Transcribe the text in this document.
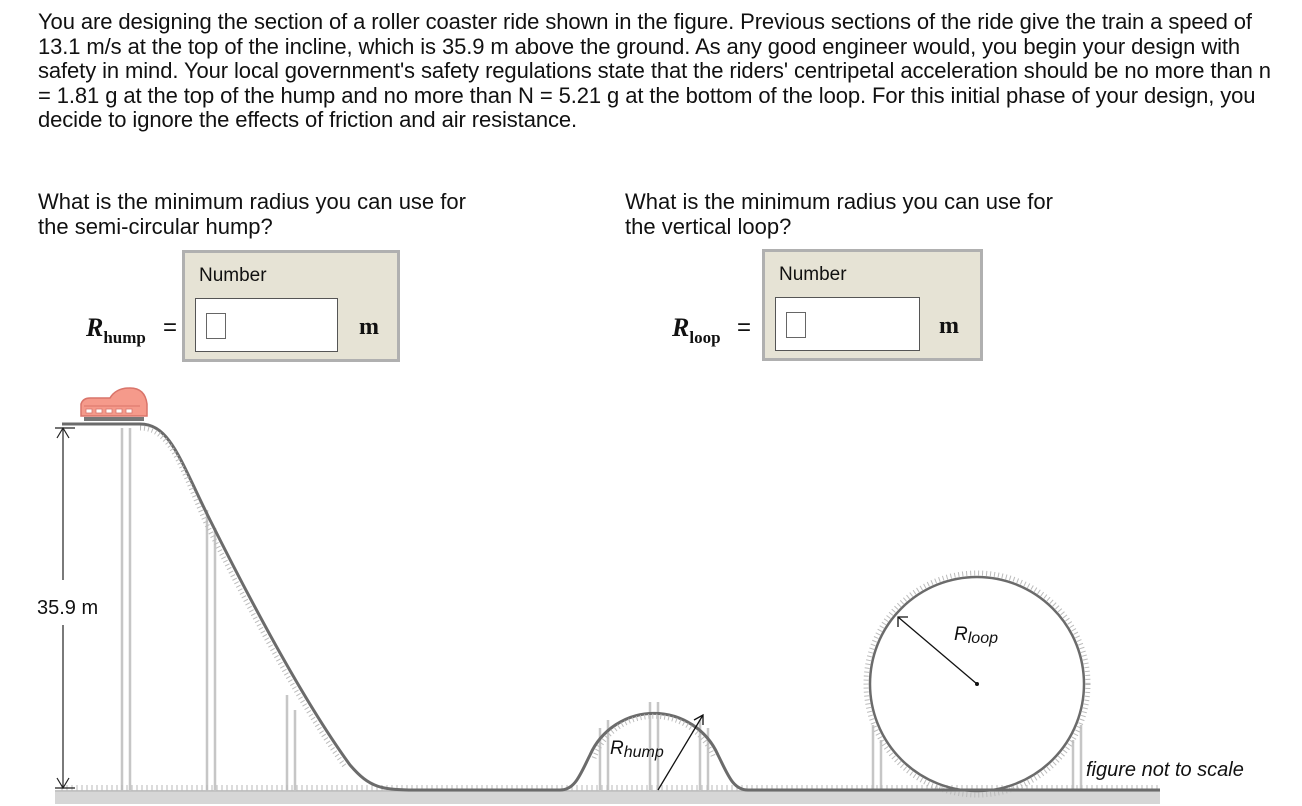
You are designing the section of a roller coaster ride shown in the figure. Previous sections of the ride give the train a speed of 13.1 m/s at the top of the incline, which is 35.9 m above the ground. As any good engineer would, you begin your design with safety in mind. Your local government's safety regulations state that the riders' centripetal acceleration should be no more than n = 1.81 g at the top of the hump and no more than N = 5.21 g at the bottom of the loop. For this initial phase of your design, you decide to ignore the effects of friction and air resistance.
What is the minimum radius you can use for the semi-circular hump?
What is the minimum radius you can use for the vertical loop?
$R_{hump}$ =
Number
m	$R_{loop}$ =
Number
m
35.9 m
Rhump
Rloop
figure not to scale
